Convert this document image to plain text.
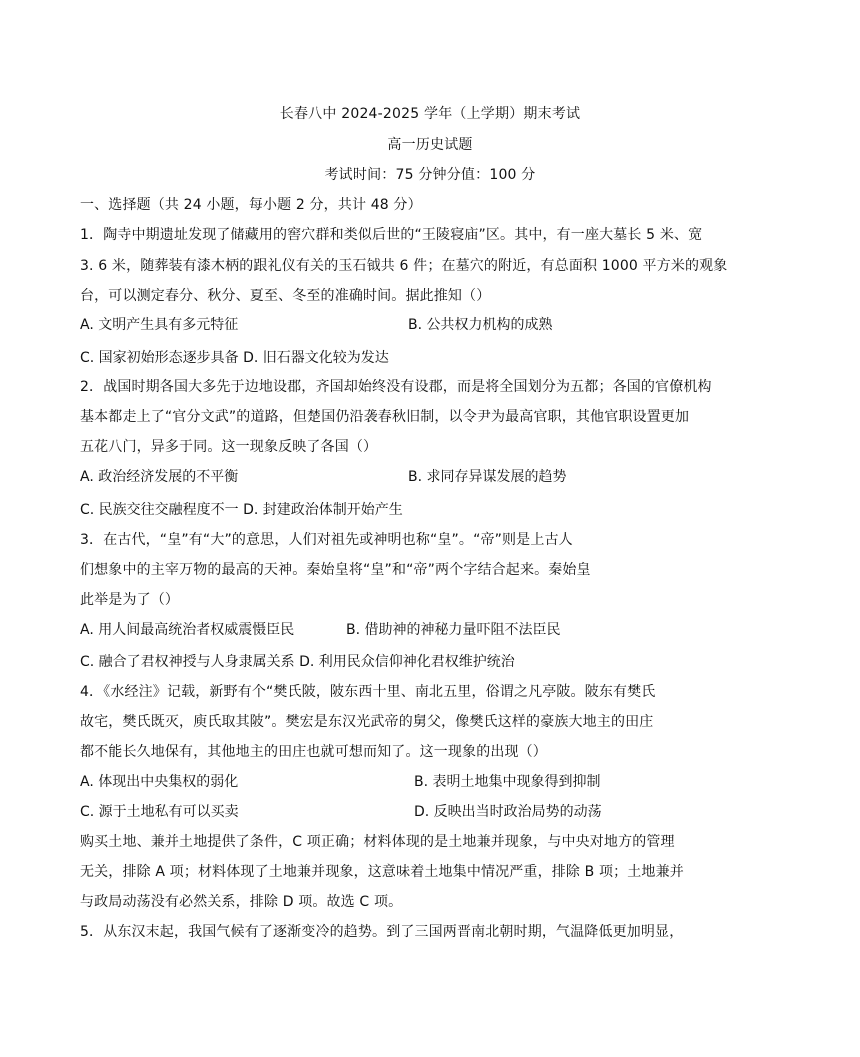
长春八中 2024-2025 学年（上学期）期末考试
高一历史试题
考试时间：75 分钟分值：100 分
一、选择题（共 24 小题，每小题 2 分，共计 48 分）
1．陶寺中期遗址发现了储藏用的窖穴群和类似后世的“王陵寝庙”区。其中，有一座大墓长 5 米、宽
3. 6 米，随葬装有漆木柄的跟礼仪有关的玉石钺共 6 件；在墓穴的附近，有总面积 1000 平方米的观象
台，可以测定春分、秋分、夏至、冬至的准确时间。据此推知（）
A. 文明产生具有多元特征	B. 公共权力机构的成熟
C. 国家初始形态逐步具备 D. 旧石器文化较为发达
2．战国时期各国大多先于边地设郡，齐国却始终没有设郡，而是将全国划分为五都；各国的官僚机构
基本都走上了“官分文武”的道路，但楚国仍沿袭春秋旧制，以令尹为最高官职，其他官职设置更加
五花八门，异多于同。这一现象反映了各国（）
A. 政治经济发展的不平衡	B. 求同存异谋发展的趋势
C. 民族交往交融程度不一 D. 封建政治体制开始产生
3．在古代，“皇”有“大”的意思，人们对祖先或神明也称“皇”。“帝”则是上古人
们想象中的主宰万物的最高的天神。秦始皇将“皇”和“帝”两个字结合起来。秦始皇
此举是为了（）
A. 用人间最高统治者权威震慑臣民	B. 借助神的神秘力量吓阻不法臣民
C. 融合了君权神授与人身隶属关系 D. 利用民众信仰神化君权维护统治
4．《水经注》记载，新野有个“樊氏陂，陂东西十里、南北五里，俗谓之凡亭陂。陂东有樊氏
故宅，樊氏既灭，庾氏取其陂”。樊宏是东汉光武帝的舅父，像樊氏这样的豪族大地主的田庄
都不能长久地保有，其他地主的田庄也就可想而知了。这一现象的出现（）
A. 体现出中央集权的弱化	B. 表明土地集中现象得到抑制
C. 源于土地私有可以买卖	D. 反映出当时政治局势的动荡
购买土地、兼并土地提供了条件，C 项正确；材料体现的是土地兼并现象，与中央对地方的管理
无关，排除 A 项；材料体现了土地兼并现象，这意味着土地集中情况严重，排除 B 项；土地兼并
与政局动荡没有必然关系，排除 D 项。故选 C 项。
5．从东汉末起，我国气候有了逐渐变冷的趋势。到了三国两晋南北朝时期，气温降低更加明显，
